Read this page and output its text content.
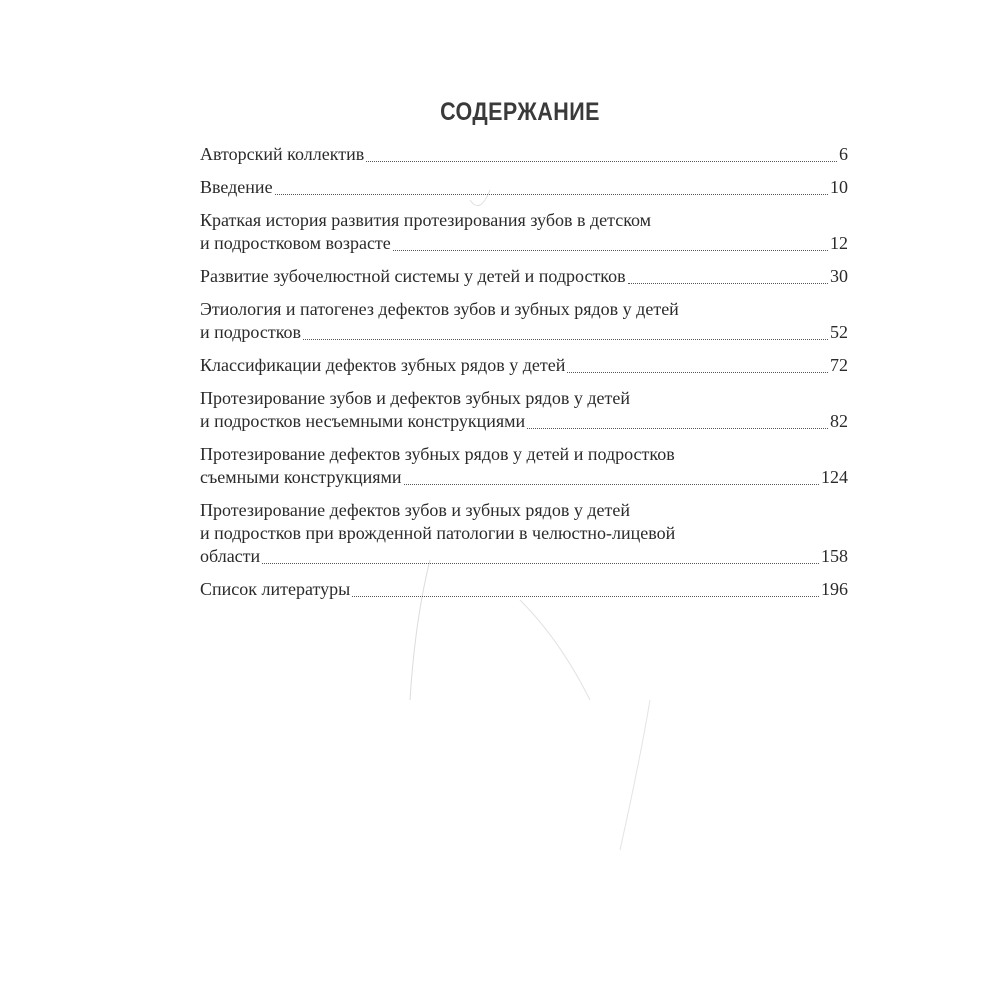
СОДЕРЖАНИЕ
Авторский коллектив	6
Введение	10
Краткая история развития протезирования зубов в детском
и подростковом возрасте	12
Развитие зубочелюстной системы у детей и подростков	30
Этиология и патогенез дефектов зубов и зубных рядов у детей
и подростков	52
Классификации дефектов зубных рядов у детей	72
Протезирование зубов и дефектов зубных рядов у детей
и подростков несъемными конструкциями	82
Протезирование дефектов зубных рядов у детей и подростков
съемными конструкциями	124
Протезирование дефектов зубов и зубных рядов у детей
и подростков при врожденной патологии в челюстно-лицевой
области	158
Список литературы	196
